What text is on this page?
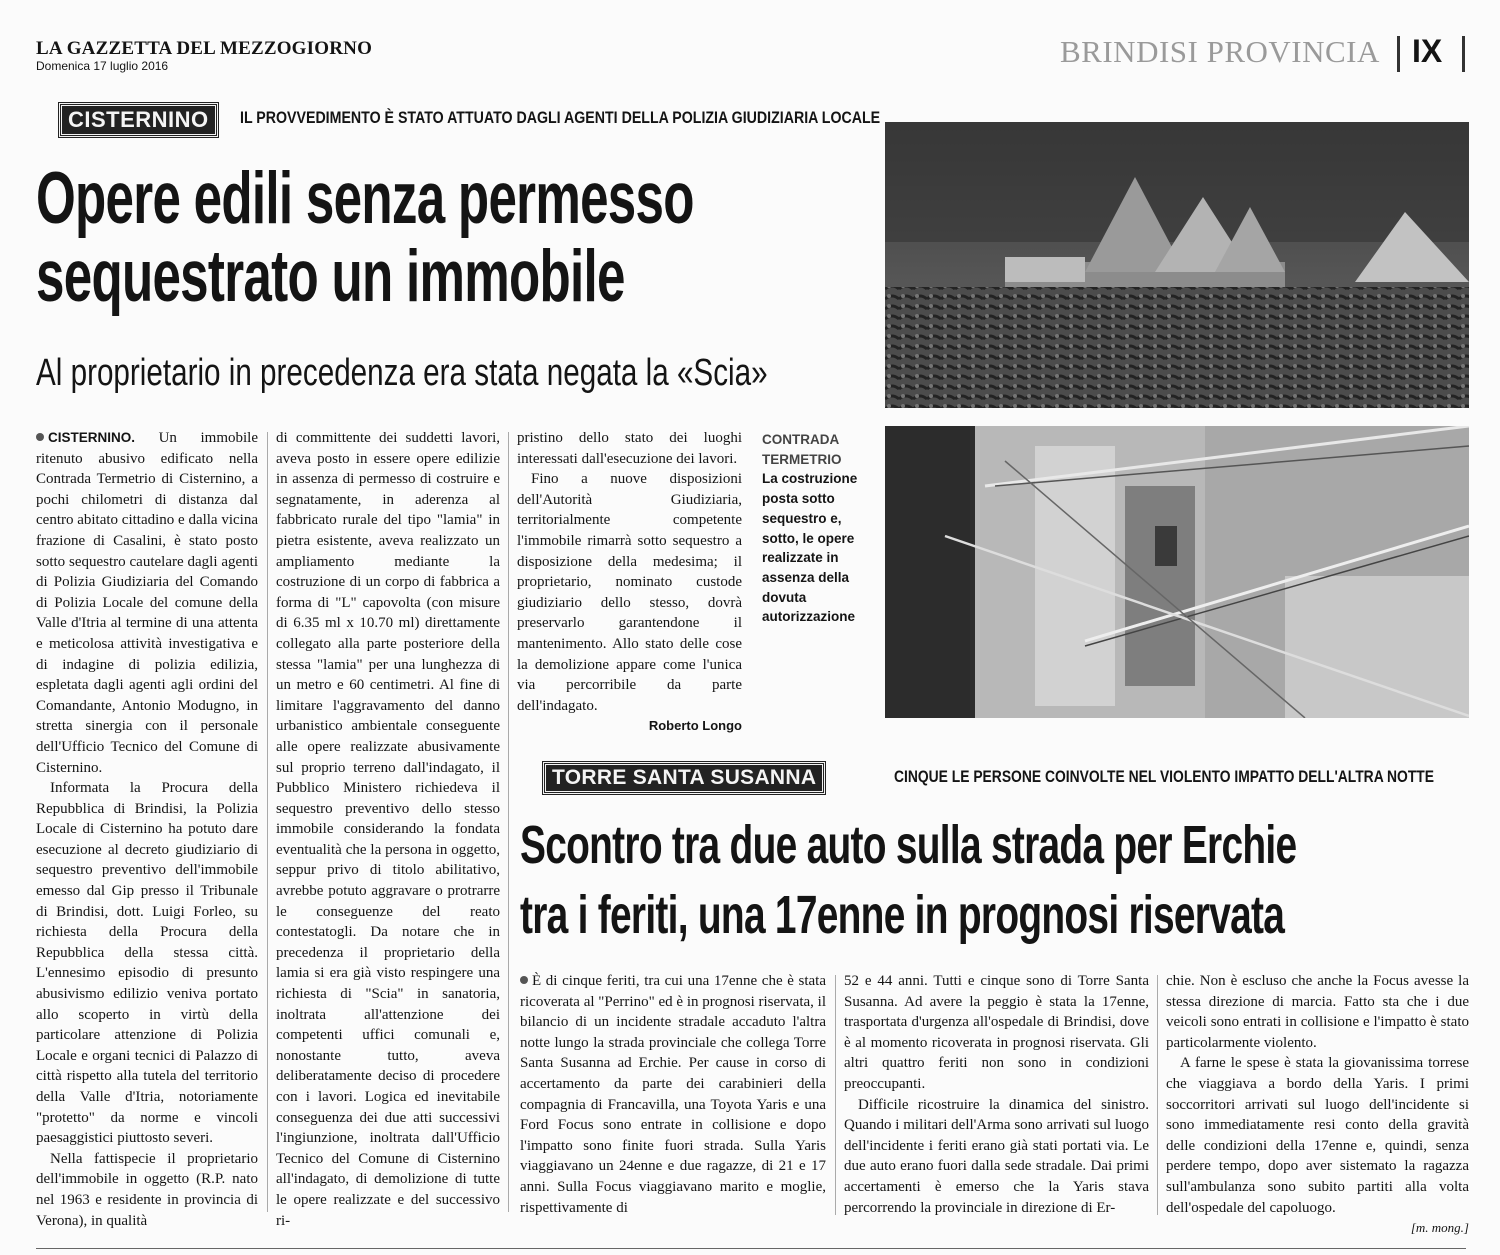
LA GAZZETTA DEL MEZZOGIORNO
Domenica 17 luglio 2016	BRINDISI PROVINCIA IX
CISTERNINO	IL PROVVEDIMENTO È STATO ATTUATO DAGLI AGENTI DELLA POLIZIA GIUDIZIARIA LOCALE
Opere edili senza permesso
sequestrato un immobile
Al proprietario in precedenza era stata negata la «Scia»

CISTERNINO. Un immobile ritenuto abusivo edificato nella Contrada Termetrio di Cisternino, a pochi chilometri di distanza dal centro abitato cittadino e dalla vicina frazione di Casalini, è stato posto sotto sequestro cautelare dagli agenti di Polizia Giudiziaria del Comando di Polizia Locale del comune della Valle d'Itria al termine di una attenta e meticolosa attività investigativa e di indagine di polizia edilizia, espletata dagli agenti agli ordini del Comandante, Antonio Modugno, in stretta sinergia con il personale dell'Ufficio Tecnico del Comune di Cisternino.

Informata la Procura della Repubblica di Brindisi, la Polizia Locale di Cisternino ha potuto dare esecuzione al decreto giudiziario di sequestro preventivo dell'immobile emesso dal Gip presso il Tribunale di Brindisi, dott. Luigi Forleo, su richiesta della Procura della Repubblica della stessa città. L'ennesimo episodio di presunto abusivismo edilizio veniva portato allo scoperto in virtù della particolare attenzione di Polizia Locale e organi tecnici di Palazzo di città rispetto alla tutela del territorio della Valle d'Itria, notoriamente "protetto" da norme e vincoli paesaggistici piuttosto severi.

Nella fattispecie il proprietario dell'immobile in oggetto (R.P. nato nel 1963 e residente in provincia di Verona), in qualità

di committente dei suddetti lavori, aveva posto in essere opere edilizie in assenza di permesso di costruire e segnatamente, in aderenza al fabbricato rurale del tipo "lamia" in pietra esistente, aveva realizzato un ampliamento mediante la costruzione di un corpo di fabbrica a forma di "L" capovolta (con misure di 6.35 ml x 10.70 ml) direttamente collegato alla parte posteriore della stessa "lamia" per una lunghezza di un metro e 60 centimetri. Al fine di limitare l'aggravamento del danno urbanistico ambientale conseguente alle opere realizzate abusivamente sul proprio terreno dall'indagato, il Pubblico Ministero richiedeva il sequestro preventivo dello stesso immobile considerando la fondata eventualità che la persona in oggetto, seppur privo di titolo abilitativo, avrebbe potuto aggravare o protrarre le conseguenze del reato contestatogli. Da notare che in precedenza il proprietario della lamia si era già visto respingere una richiesta di "Scia" in sanatoria, inoltrata all'attenzione dei competenti uffici comunali e, nonostante tutto, aveva deliberatamente deciso di procedere con i lavori. Logica ed inevitabile conseguenza dei due atti successivi l'ingiunzione, inoltrata dall'Ufficio Tecnico del Comune di Cisternino all'indagato, di demolizione di tutte le opere realizzate e del successivo ri-

pristino dello stato dei luoghi interessati dall'esecuzione dei lavori.

Fino a nuove disposizioni dell'Autorità Giudiziaria, territorialmente competente l'immobile rimarrà sotto sequestro a disposizione della medesima; il proprietario, nominato custode giudiziario dello stesso, dovrà preservarlo garantendone il mantenimento. Allo stato delle cose la demolizione appare come l'unica via percorribile da parte dell'indagato.

Roberto Longo

CONTRADA TERMETRIO
La costruzione posta sotto sequestro e, sotto, le opere realizzate in assenza della dovuta autorizzazione
TORRE SANTA SUSANNA	CINQUE LE PERSONE COINVOLTE NEL VIOLENTO IMPATTO DELL'ALTRA NOTTE
Scontro tra due auto sulla strada per Erchie
tra i feriti, una 17enne in prognosi riservata

È di cinque feriti, tra cui una 17enne che è stata ricoverata al "Perrino" ed è in prognosi riservata, il bilancio di un incidente stradale accaduto l'altra notte lungo la strada provinciale che collega Torre Santa Susanna ad Erchie. Per cause in corso di accertamento da parte dei carabinieri della compagnia di Francavilla, una Toyota Yaris e una Ford Focus sono entrate in collisione e dopo l'impatto sono finite fuori strada. Sulla Yaris viaggiavano un 24enne e due ragazze, di 21 e 17 anni. Sulla Focus viaggiavano marito e moglie, rispettivamente di

52 e 44 anni. Tutti e cinque sono di Torre Santa Susanna. Ad avere la peggio è stata la 17enne, trasportata d'urgenza all'ospedale di Brindisi, dove è al momento ricoverata in prognosi riservata. Gli altri quattro feriti non sono in condizioni preoccupanti.

Difficile ricostruire la dinamica del sinistro. Quando i militari dell'Arma sono arrivati sul luogo dell'incidente i feriti erano già stati portati via. Le due auto erano fuori dalla sede stradale. Dai primi accertamenti è emerso che la Yaris stava percorrendo la provinciale in direzione di Er-

chie. Non è escluso che anche la Focus avesse la stessa direzione di marcia. Fatto sta che i due veicoli sono entrati in collisione e l'impatto è stato particolarmente violento.

A farne le spese è stata la giovanissima torrese che viaggiava a bordo della Yaris. I primi soccorritori arrivati sul luogo dell'incidente si sono immediatamente resi conto della gravità delle condizioni della 17enne e, quindi, senza perdere tempo, dopo aver sistemato la ragazza sull'ambulanza sono subito partiti alla volta dell'ospedale del capoluogo.

[m. mong.]
